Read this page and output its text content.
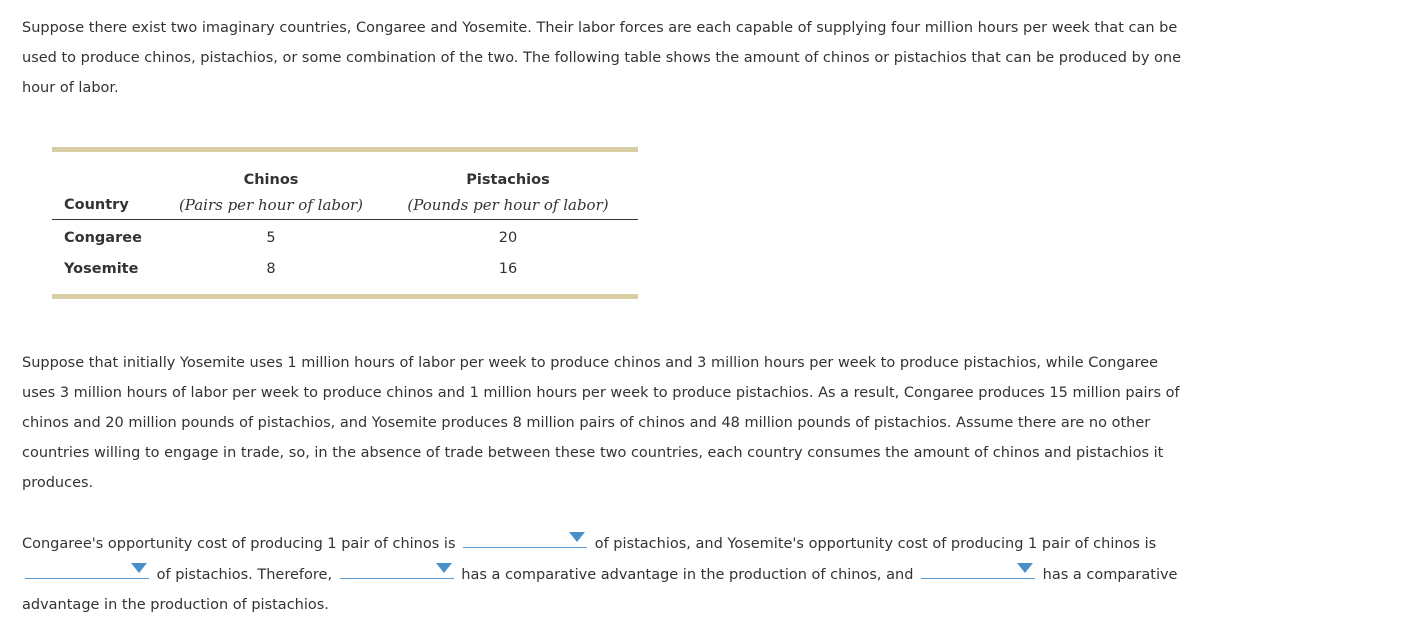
Suppose there exist two imaginary countries, Congaree and Yosemite. Their labor forces are each capable of supplying four million hours per week that can be used to produce chinos, pistachios, or some combination of the two. The following table shows the amount of chinos or pistachios that can be produced by one hour of labor.

	Chinos	Pistachios
Country	(Pairs per hour of labor)	(Pounds per hour of labor)
Congaree	5	20
Yosemite	8	16

Suppose that initially Yosemite uses 1 million hours of labor per week to produce chinos and 3 million hours per week to produce pistachios, while Congaree uses 3 million hours of labor per week to produce chinos and 1 million hours per week to produce pistachios. As a result, Congaree produces 15 million pairs of chinos and 20 million pounds of pistachios, and Yosemite produces 8 million pairs of chinos and 48 million pounds of pistachios. Assume there are no other countries willing to engage in trade, so, in the absence of trade between these two countries, each country consumes the amount of chinos and pistachios it produces.

Congaree's opportunity cost of producing 1 pair of chinos is	of pistachios, and Yosemite's opportunity cost of producing 1 pair of chinos is
of pistachios. Therefore,	has a comparative advantage in the production of chinos, and	has a comparative advantage in the production of pistachios.
